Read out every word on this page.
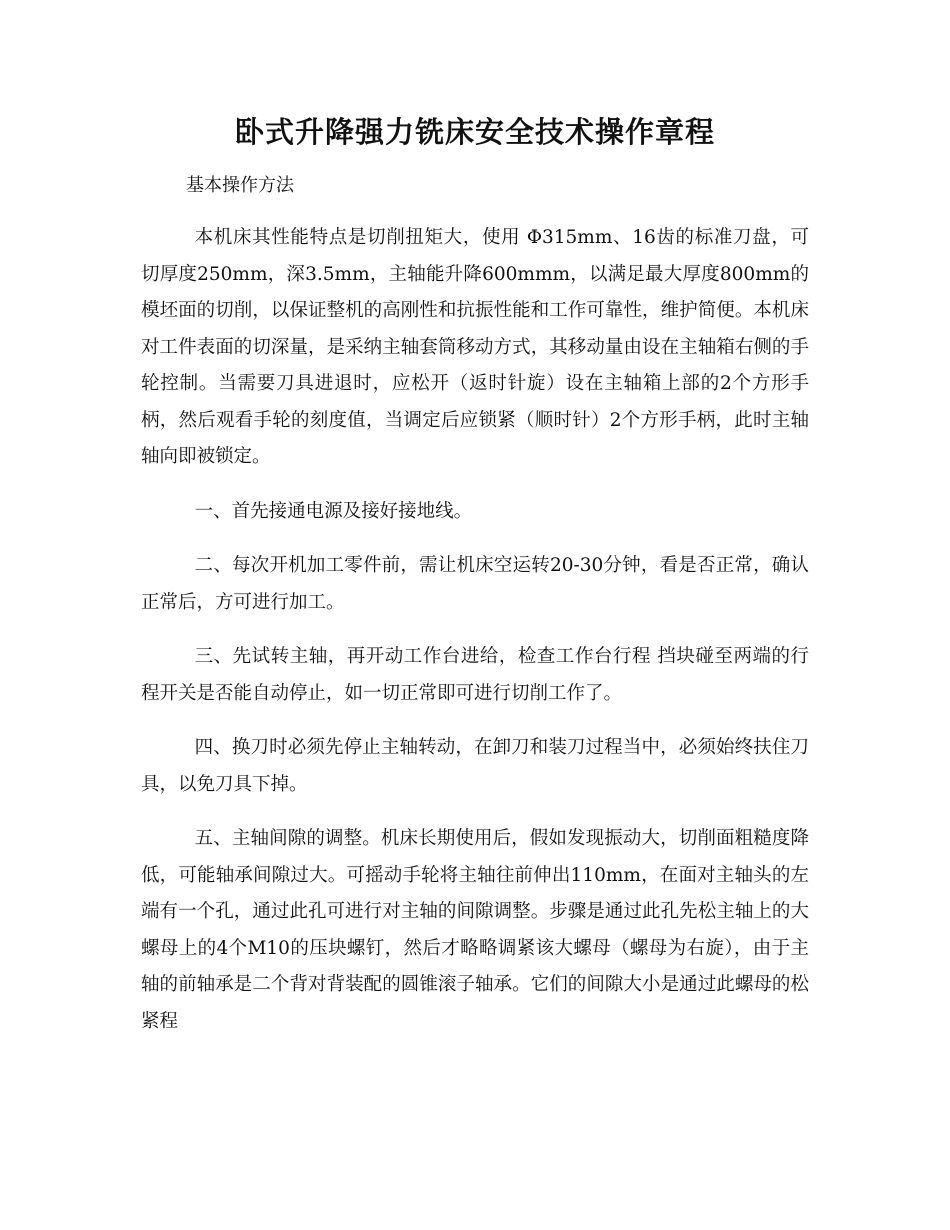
卧式升降强力铣床安全技术操作章程
基本操作方法

本机床其性能特点是切削扭矩大，使用 Φ315mm、16齿的标准刀盘，可切厚度250mm，深3.5mm，主轴能升降600mmm，以满足最大厚度800mm的模坯面的切削，以保证整机的高刚性和抗振性能和工作可靠性，维护简便。本机床对工件表面的切深量，是采纳主轴套筒移动方式，其移动量由设在主轴箱右侧的手轮控制。当需要刀具进退时，应松开（返时针旋）设在主轴箱上部的2个方形手柄，然后观看手轮的刻度值，当调定后应锁紧（顺时针）2个方形手柄，此时主轴轴向即被锁定。

一、首先接通电源及接好接地线。

二、每次开机加工零件前，需让机床空运转20-30分钟，看是否正常，确认正常后，方可进行加工。

三、先试转主轴，再开动工作台进给，检查工作台行程 挡块碰至两端的行程开关是否能自动停止，如一切正常即可进行切削工作了。

四、换刀时必须先停止主轴转动，在卸刀和装刀过程当中，必须始终扶住刀具，以免刀具下掉。

五、主轴间隙的调整。机床长期使用后，假如发现振动大，切削面粗糙度降低，可能轴承间隙过大。可摇动手轮将主轴往前伸出110mm，在面对主轴头的左端有一个孔，通过此孔可进行对主轴的间隙调整。步骤是通过此孔先松主轴上的大螺母上的4个M10的压块螺钉，然后才略略调紧该大螺母（螺母为右旋），由于主轴的前轴承是二个背对背装配的圆锥滚子轴承。它们的间隙大小是通过此螺母的松紧程
